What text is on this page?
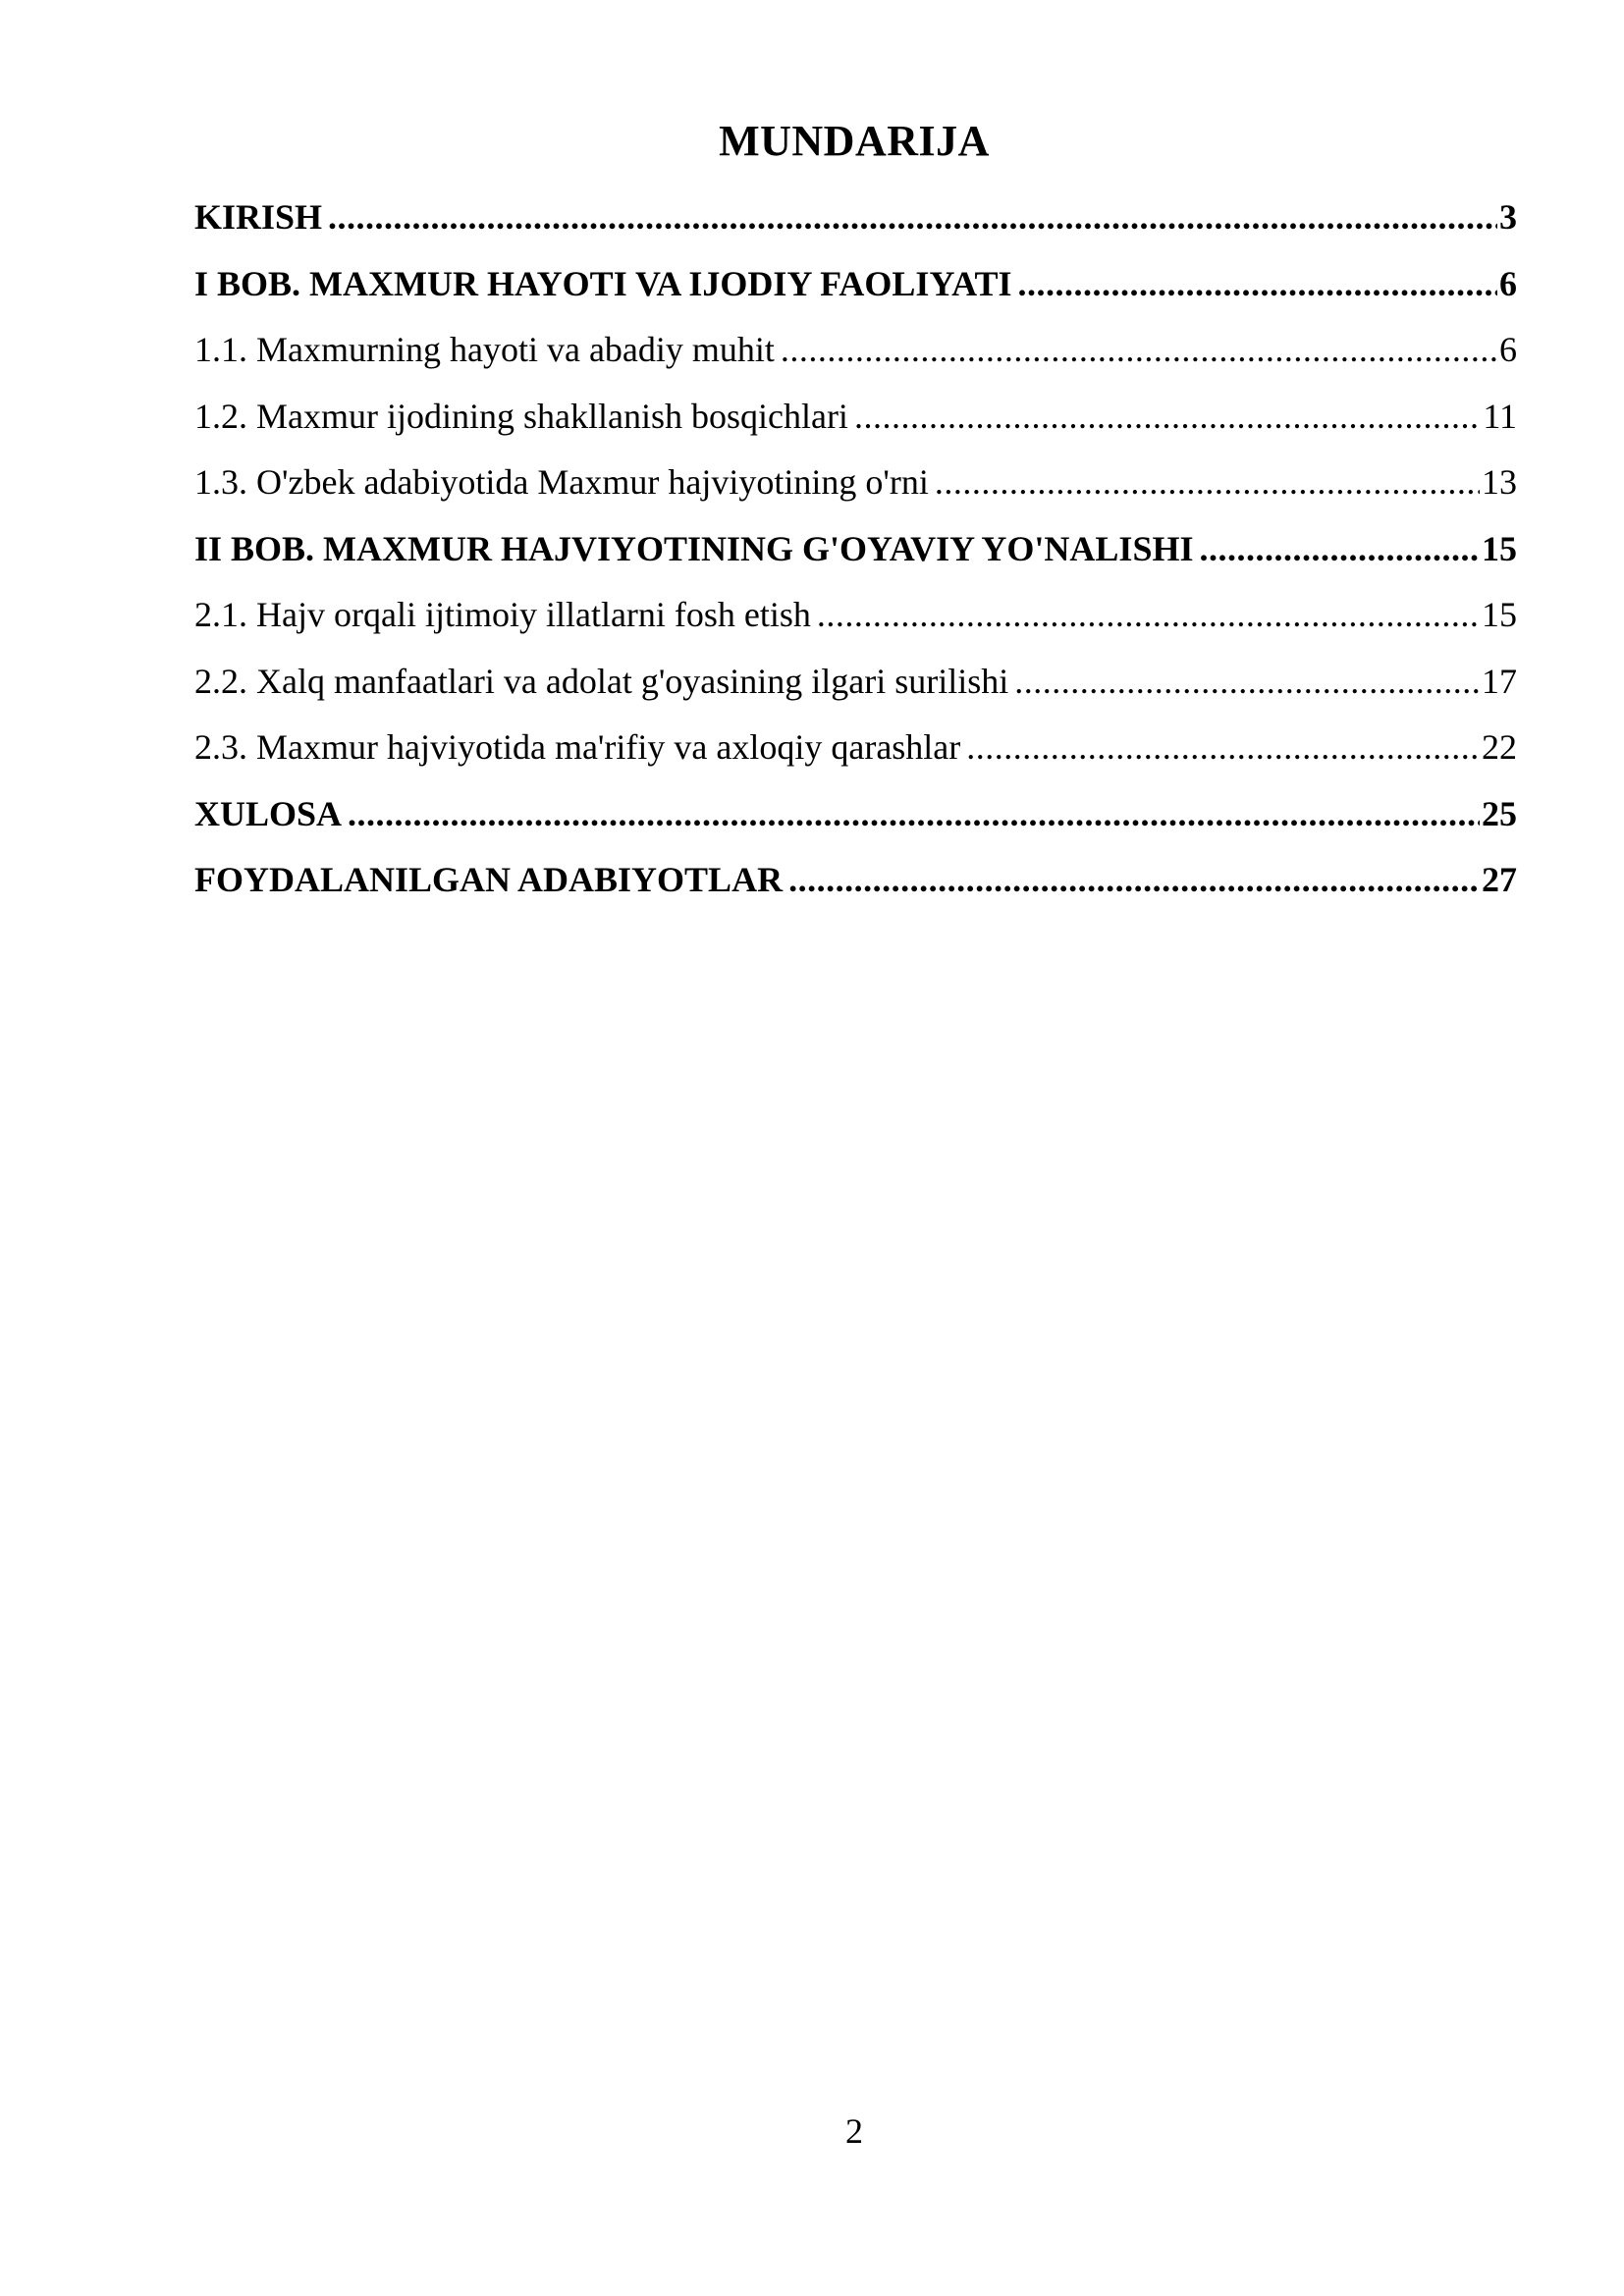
MUNDARIJA
KIRISH .....	3
I BOB. MAXMUR HAYOTI VA IJODIY FAOLIYATI .....	6
1.1. Maxmurning hayoti va abadiy muhit .....	6
1.2. Maxmur ijodining shakllanish bosqichlari .....	11
1.3. O'zbek adabiyotida Maxmur hajviyotining o'rni .....	13
II BOB. MAXMUR HAJVIYOTINING G'OYAVIY YO'NALISHI .....	15
2.1. Hajv orqali ijtimoiy illatlarni fosh etish .....	15
2.2. Xalq manfaatlari va adolat g'oyasining ilgari surilishi .....	17
2.3. Maxmur hajviyotida ma'rifiy va axloqiy qarashlar .....	22
XULOSA .....	25
FOYDALANILGAN ADABIYOTLAR .....	27
2
